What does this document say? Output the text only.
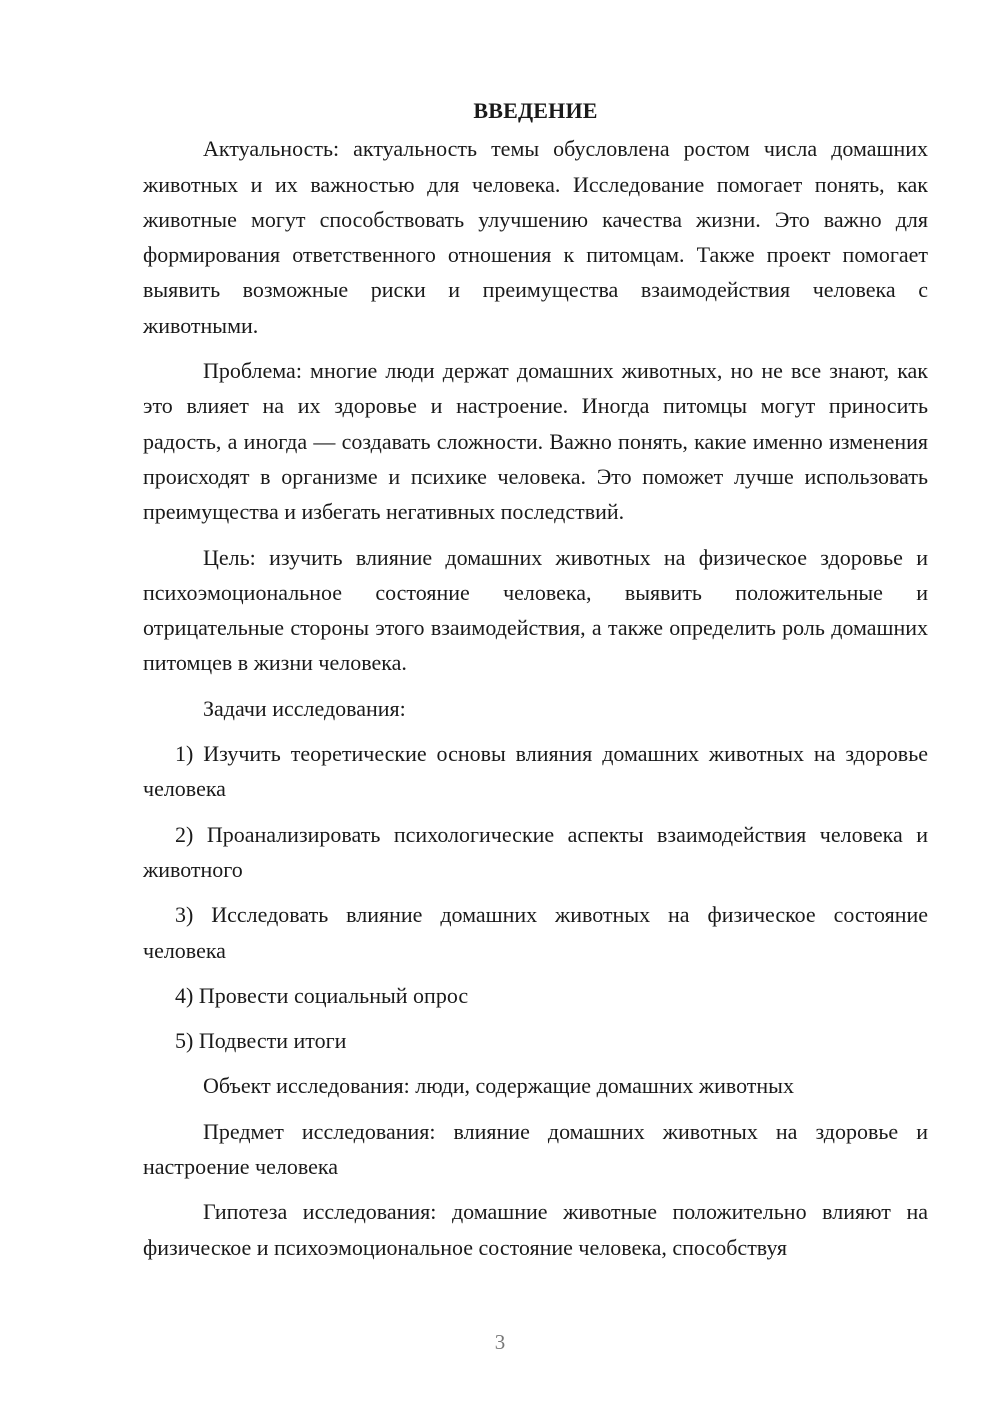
ВВЕДЕНИЕ

Актуальность: актуальность темы обусловлена ростом числа домашних животных и их важностью для человека. Исследование помогает понять, как животные могут способствовать улучшению качества жизни. Это важно для формирования ответственного отношения к питомцам. Также проект помогает выявить возможные риски и преимущества взаимодействия человека с животными.

Проблема: многие люди держат домашних животных, но не все знают, как это влияет на их здоровье и настроение. Иногда питомцы могут приносить радость, а иногда — создавать сложности. Важно понять, какие именно изменения происходят в организме и психике человека. Это поможет лучше использовать преимущества и избегать негативных последствий.

Цель: изучить влияние домашних животных на физическое здоровье и психоэмоциональное состояние человека, выявить положительные и отрицательные стороны этого взаимодействия, а также определить роль домашних питомцев в жизни человека.

Задачи исследования:

1) Изучить теоретические основы влияния домашних животных на здоровье человека

2) Проанализировать психологические аспекты взаимодействия человека и животного

3) Исследовать влияние домашних животных на физическое состояние человека

4) Провести социальный опрос

5) Подвести итоги

Объект исследования: люди, содержащие домашних животных

Предмет исследования: влияние домашних животных на здоровье и настроение человека

Гипотеза исследования: домашние животные положительно влияют на физическое и психоэмоциональное состояние человека, способствуя

3
